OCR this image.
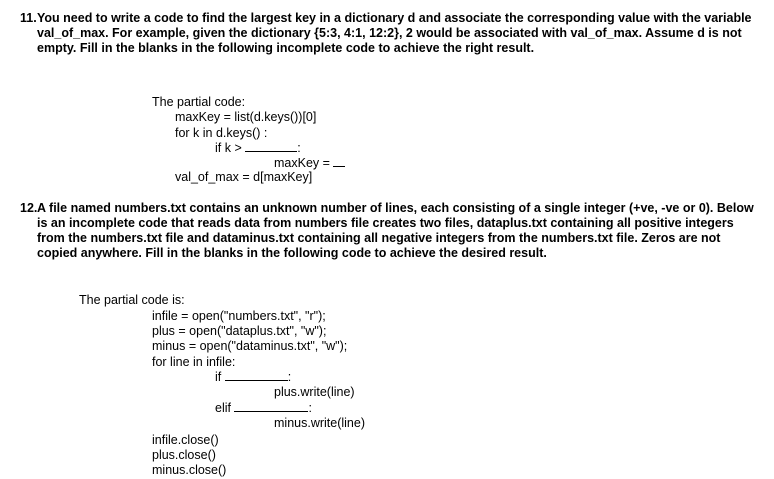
11. You need to write a code to find the largest key in a dictionary d and associate the corresponding value with the variable val_of_max. For example, given the dictionary {5:3, 4:1, 12:2}, 2 would be associated with val_of_max. Assume d is not empty. Fill in the blanks in the following incomplete code to achieve the right result.
The partial code:
maxKey = list(d.keys())[0]
for k in d.keys() :
if k >	:
maxKey =
val_of_max = d[maxKey]
12. A file named numbers.txt contains an unknown number of lines, each consisting of a single integer (+ve, -ve or 0). Below is an incomplete code that reads data from numbers file creates two files, dataplus.txt containing all positive integers from the numbers.txt file and dataminus.txt containing all negative integers from the numbers.txt file. Zeros are not copied anywhere. Fill in the blanks in the following code to achieve the desired result.
The partial code is:
infile = open("numbers.txt", "r");
plus = open("dataplus.txt", "w");
minus = open("dataminus.txt", "w");
for line in infile:
if	:
plus.write(line)
elif	:
minus.write(line)
infile.close()
plus.close()
minus.close()
